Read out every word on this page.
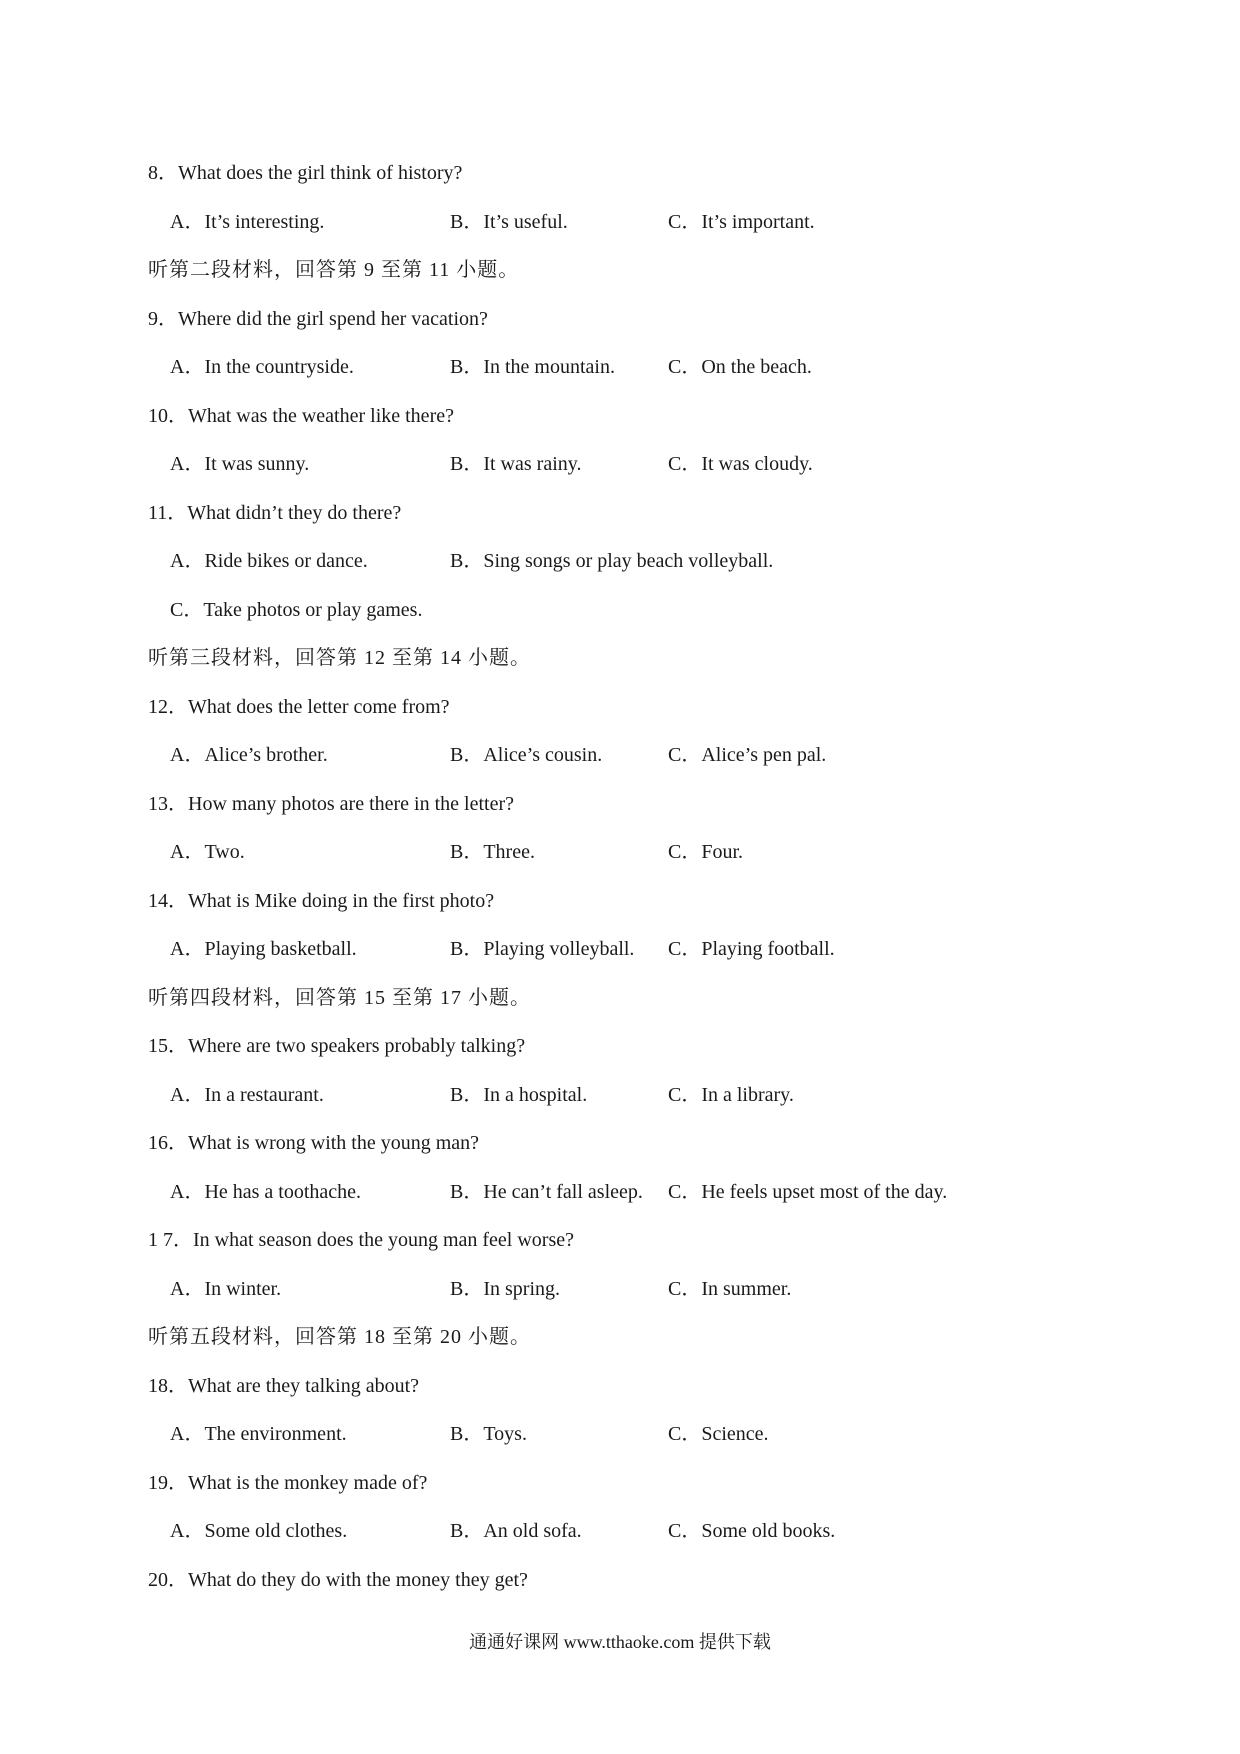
8．What does the girl think of history?
A．It’s interesting.	B．It’s useful.	C．It’s important.
听第二段材料，回答第 9 至第 11 小题。
9．Where did the girl spend her vacation?
A．In the countryside.	B．In the mountain.	C．On the beach.
10．What was the weather like there?
A．It was sunny.	B．It was rainy.	C．It was cloudy.
11．What didn’t they do there?
A．Ride bikes or dance.	B．Sing songs or play beach volleyball.
C．Take photos or play games.
听第三段材料，回答第 12 至第 14 小题。
12．What does the letter come from?
A．Alice’s brother.	B．Alice’s cousin.	C．Alice’s pen pal.
13．How many photos are there in the letter?
A．Two.	B．Three.	C．Four.
14．What is Mike doing in the first photo?
A．Playing basketball.	B．Playing volleyball. C．Playing football.
听第四段材料，回答第 15 至第 17 小题。
15．Where are two speakers probably talking?
A．In a restaurant.	B．In a hospital.	C．In a library.
16．What is wrong with the young man?
A．He has a toothache.	B．He can’t fall asleep. C．He feels upset most of the day.
1 7．In what season does the young man feel worse?
A．In winter.	B．In spring.	C．In summer.
听第五段材料，回答第 18 至第 20 小题。
18．What are they talking about?
A．The environment.	B．Toys.	C．Science.
19．What is the monkey made of?
A．Some old clothes.	B．An old sofa.	C．Some old books.
20．What do they do with the money they get?
通通好课网 www.tthaoke.com 提供下载
